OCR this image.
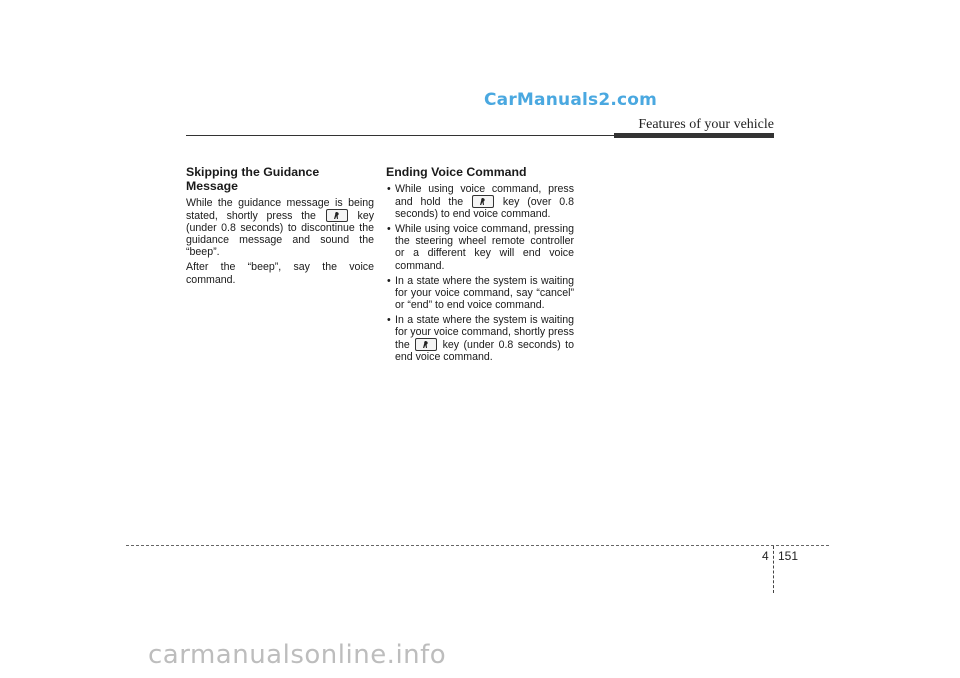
CarManuals2.com
Features of your vehicle
Skipping the Guidance Message

While the guidance message is being stated, shortly press the	key (under 0.8 seconds) to discontinue the guidance message and sound the “beep”.

After the “beep”, say the voice command.

Ending Voice Command
• While using voice command, press and hold the	key (over 0.8 seconds) to end voice command.
• While using voice command, pressing the steering wheel remote controller or a different key will end voice command.
• In a state where the system is waiting for your voice command, say “cancel” or “end” to end voice command.
• In a state where the system is waiting for your voice command, shortly press the	key (under 0.8 seconds) to end voice command.
4 151
carmanualsonline.info
